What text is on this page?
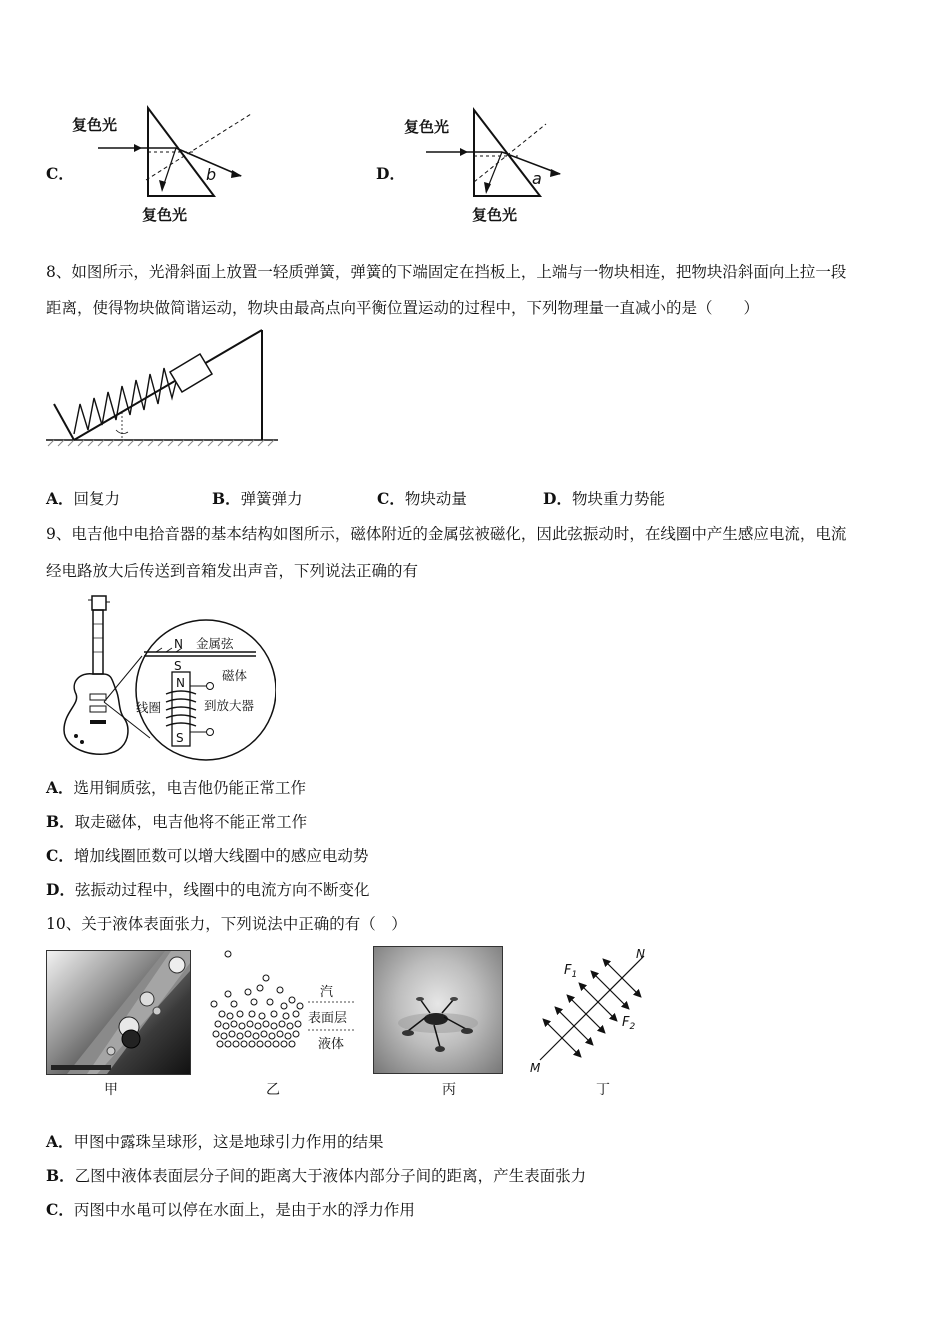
C．
复色光
复色光
b	D．
复色光
复色光
a
8、如图所示，光滑斜面上放置一轻质弹簧，弹簧的下端固定在挡板上，上端与一物块相连，把物块沿斜面向上拉一段
距离，使得物块做简谐运动，物块由最高点向平衡位置运动的过程中，下列物理量一直减小的是（　　）
A．回复力	B．弹簧弹力	C．物块动量	D．物块重力势能
9、电吉他中电拾音器的基本结构如图所示，磁体附近的金属弦被磁化，因此弦振动时，在线圈中产生感应电流，电流
经电路放大后传送到音箱发出声音，下列说法正确的有
N
S
金属弦
N
S
磁体
到放大器
线圈
A．选用铜质弦，电吉他仍能正常工作
B．取走磁体，电吉他将不能正常工作
C．增加线圈匝数可以增大线圈中的感应电动势
D．弦振动过程中，线圈中的电流方向不断变化
10、关于液体表面张力，下列说法中正确的有（　）
甲
汽
表面层
液体
乙	丙
$F_1$
$F_2$
N
M
丁
A．甲图中露珠呈球形，这是地球引力作用的结果
B．乙图中液体表面层分子间的距离大于液体内部分子间的距离，产生表面张力
C．丙图中水黾可以停在水面上，是由于水的浮力作用
